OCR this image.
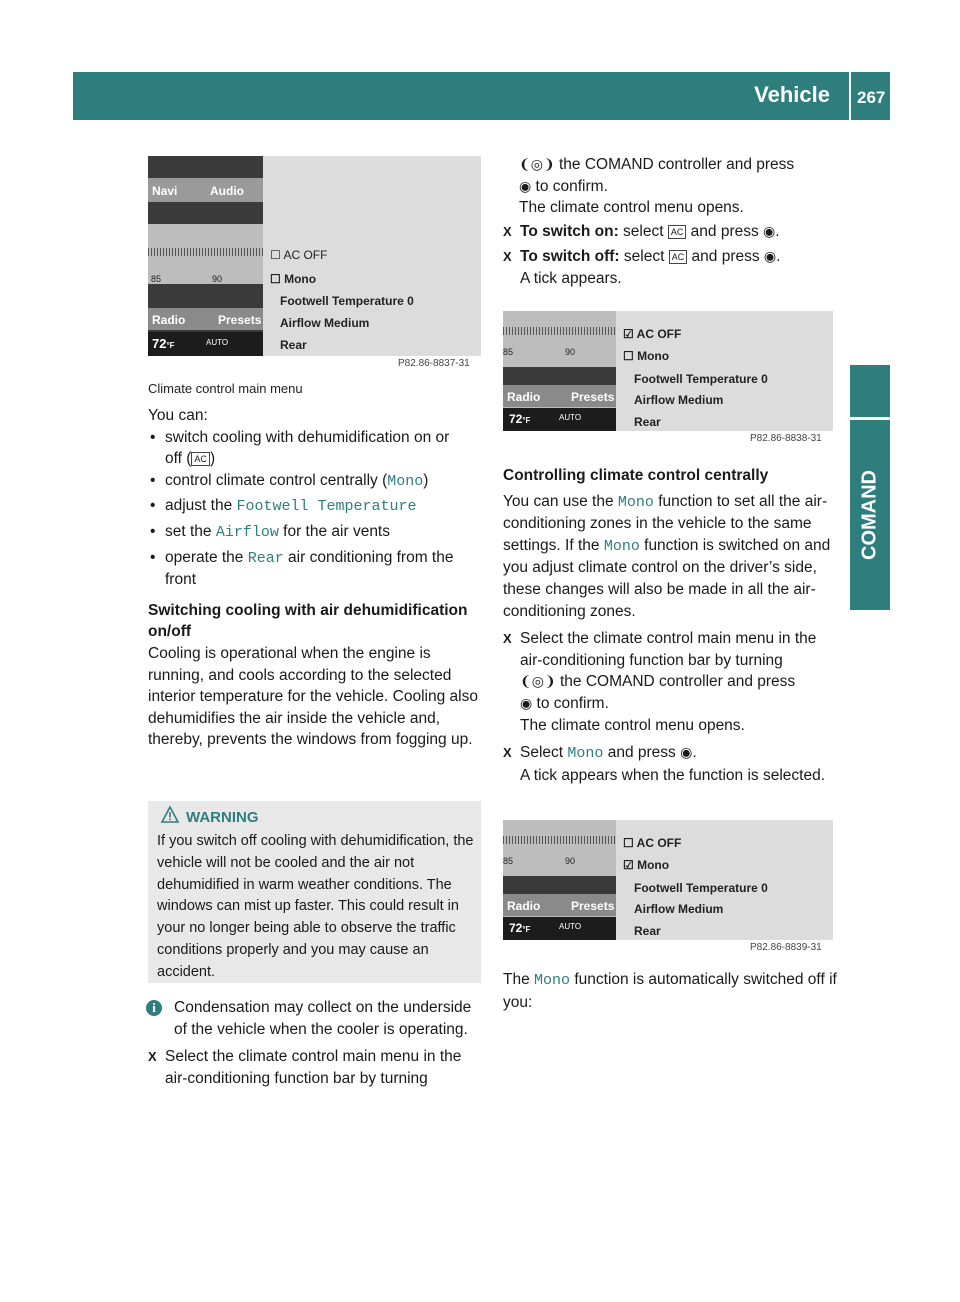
Vehicle 267
COMAND
Navi	Audio
85	90
Radio	Presets
72°F	AUTO
☐ AC OFF
☐ Mono
Footwell Temperature 0
Airflow Medium
Rear
P82.86-8837-31
Climate control main menu

You can:

• switch cooling with dehumidification on or
off ( AC )

• control climate control centrally (Mono)

• adjust the Footwell Temperature

• set the Airflow for the air vents

• operate the Rear air conditioning from the
front

Switching cooling with air dehumidification on/off

Cooling is operational when the engine is running, and cools according to the selected interior temperature for the vehicle. Cooling also dehumidifies the air inside the vehicle and, thereby, prevents the windows from fogging up.

WARNING
If you switch off cooling with dehumidification, the vehicle will not be cooled and the air not dehumidified in warm weather conditions. The windows can mist up faster. This could result in your no longer being able to observe the traffic conditions properly and you may cause an accident.

i	Condensation may collect on the underside of the vehicle when the cooler is operating.

X Select the climate control main menu in the air-conditioning function bar by turning

❨◎❩ the COMAND controller and press

◉ to confirm.

The climate control menu opens.

X To switch on: select AC and press ◉.

X To switch off: select AC and press ◉.
A tick appears.

85	90
Radio	Presets
72°F	AUTO
☑ AC OFF
☐ Mono
Footwell Temperature 0
Airflow Medium
Rear
P82.86-8838-31

Controlling climate control centrally

You can use the Mono function to set all the air-conditioning zones in the vehicle to the same settings. If the Mono function is switched on and you adjust climate control on the driver’s side, these changes will also be made in all the air-conditioning zones.

X Select the climate control main menu in the air-conditioning function bar by turning
❨◎❩ the COMAND controller and press
◉ to confirm.
The climate control menu opens.

X Select Mono and press ◉.
A tick appears when the function is selected.

85	90
Radio	Presets
72°F	AUTO
☐ AC OFF
☑ Mono
Footwell Temperature 0
Airflow Medium
Rear
P82.86-8839-31

The Mono function is automatically switched off if you:
